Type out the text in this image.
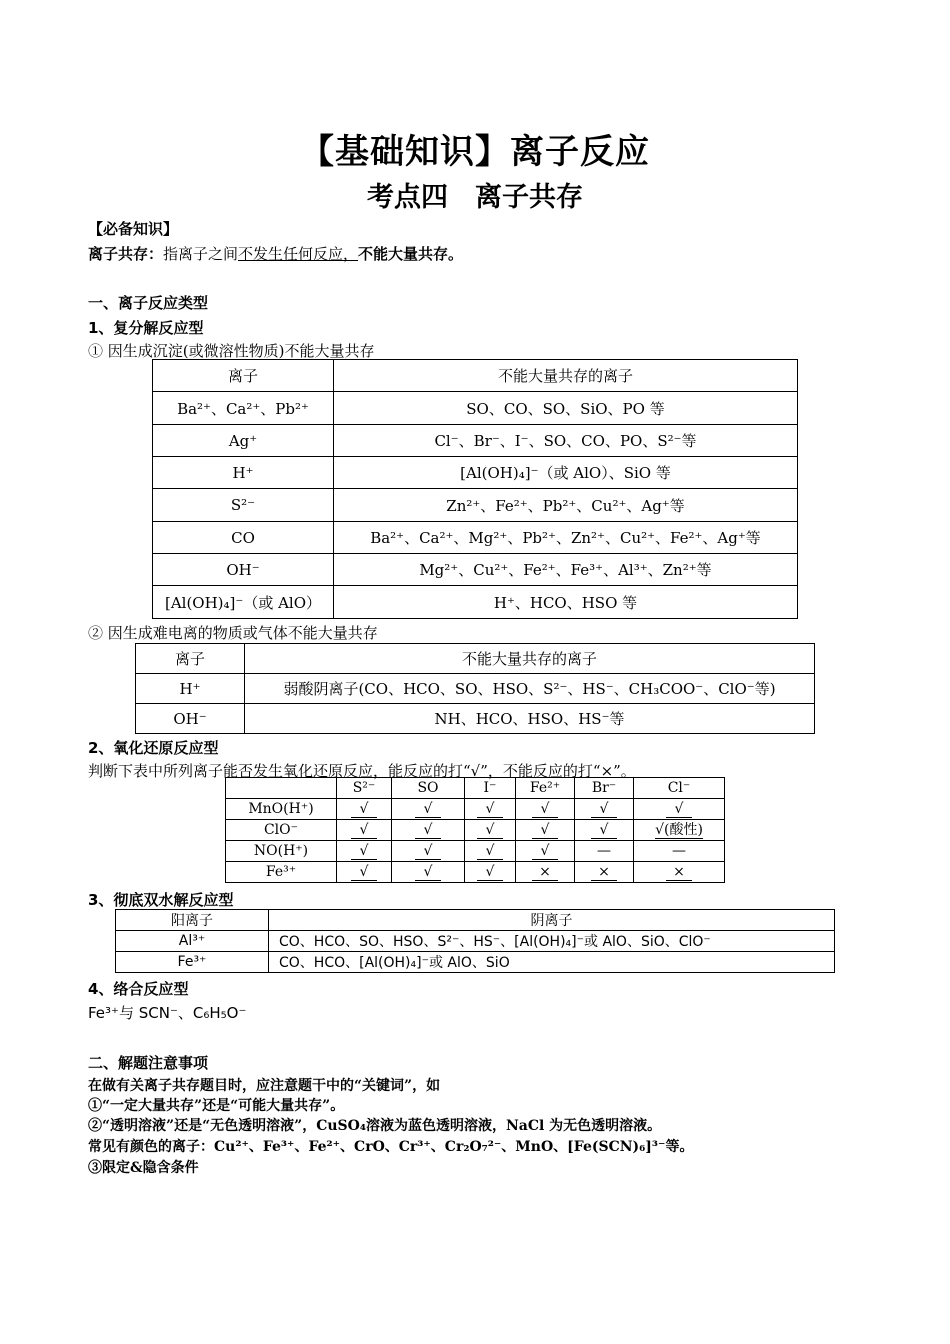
【基础知识】离子反应
考点四　离子共存
【必备知识】
离子共存：指离子之间不发生任何反应，不能大量共存。
一、离子反应类型
1、复分解反应型
① 因生成沉淀(或微溶性物质)不能大量共存
离子	不能大量共存的离子
Ba²⁺、Ca²⁺、Pb²⁺	SO、CO、SO、SiO、PO 等
Ag⁺	Cl⁻、Br⁻、I⁻、SO、CO、PO、S²⁻等
H⁺	[Al(OH)₄]⁻（或 AlO）、SiO 等
S²⁻	Zn²⁺、Fe²⁺、Pb²⁺、Cu²⁺、Ag⁺等
CO	Ba²⁺、Ca²⁺、Mg²⁺、Pb²⁺、Zn²⁺、Cu²⁺、Fe²⁺、Ag⁺等
OH⁻	Mg²⁺、Cu²⁺、Fe²⁺、Fe³⁺、Al³⁺、Zn²⁺等
[Al(OH)₄]⁻（或 AlO）	H⁺、HCO、HSO 等
② 因生成难电离的物质或气体不能大量共存
离子	不能大量共存的离子
H⁺	弱酸阴离子(CO、HCO、SO、HSO、S²⁻、HS⁻、CH₃COO⁻、ClO⁻等)
OH⁻	NH、HCO、HSO、HS⁻等
2、氧化还原反应型
判断下表中所列离子能否发生氧化还原反应，能反应的打“√”，不能反应的打“×”。
	S²⁻	SO	I⁻	Fe²⁺	Br⁻	Cl⁻
MnO(H⁺)	√	√	√	√	√	√
ClO⁻	√	√	√	√	√	√(酸性)
NO(H⁺)	√	√	√	√	—	—
Fe³⁺	√	√	√	×	×	×
3、彻底双水解反应型
阳离子	阴离子
Al³⁺	CO、HCO、SO、HSO、S²⁻、HS⁻、[Al(OH)₄]⁻或 AlO、SiO、ClO⁻
Fe³⁺	CO、HCO、[Al(OH)₄]⁻或 AlO、SiO
4、络合反应型
Fe³⁺与 SCN⁻、C₆H₅O⁻
二、解题注意事项
在做有关离子共存题目时，应注意题干中的“关键词”，如
①“一定大量共存”还是“可能大量共存”。
②“透明溶液”还是“无色透明溶液”，CuSO₄溶液为蓝色透明溶液，NaCl 为无色透明溶液。
常见有颜色的离子：Cu²⁺、Fe³⁺、Fe²⁺、CrO、Cr³⁺、Cr₂O₇²⁻、MnO、[Fe(SCN)₆]³⁻等。
③限定&隐含条件
